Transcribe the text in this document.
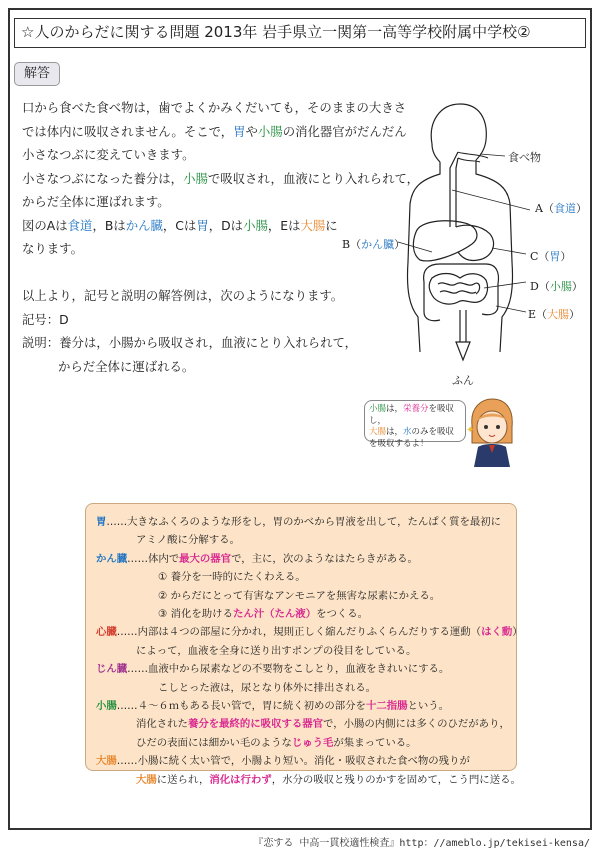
☆人のからだに関する問題 2013年 岩手県立一関第一高等学校附属中学校②
解答

口から食べた食べ物は，歯でよくかみくだいても，そのままの大きさ

では体内に吸収されません。そこで，胃や小腸の消化器官がだんだん

小さなつぶに変えていきます。

小さなつぶになった養分は，小腸で吸収され，血液にとり入れられて，

からだ全体に運ばれます。

図のAは食道，Bはかん臓，Cは胃，Dは小腸，Eは大腸に

なります。

以上より，記号と説明の解答例は，次のようになります。

記号：D

説明：養分は，小腸から吸収され，血液にとり入れられて，

からだ全体に運ばれる。

食べ物
A（食道）
B（かん臓）
C（胃）
D（小腸）
E（大腸）
ふん
小腸は，栄養分を吸収し，
大腸は，水のみを吸収
を吸収するよ！
✦

胃……大きなふくろのような形をし，胃のかべから胃液を出して，たんぱく質を最初に

アミノ酸に分解する。

かん臓……体内で最大の器官で，主に，次のようなはたらきがある。

① 養分を一時的にたくわえる。

② からだにとって有害なアンモニアを無害な尿素にかえる。

③ 消化を助けるたん汁（たん液）をつくる。

心臓……内部は４つの部屋に分かれ，規則正しく縮んだりふくらんだりする運動（はく動）

によって，血液を全身に送り出すポンプの役目をしている。

じん臓……血液中から尿素などの不要物をこしとり，血液をきれいにする。

こしとった液は，尿となり体外に排出される。

小腸……４～６ｍもある長い管で，胃に続く初めの部分を十二指腸という。

消化された養分を最終的に吸収する器官で，小腸の内側には多くのひだがあり，

ひだの表面には細かい毛のようなじゅう毛が集まっている。

大腸……小腸に続く太い管で，小腸より短い。消化・吸収された食べ物の残りが

大腸に送られ，消化は行わず，水分の吸収と残りのかすを固めて，こう門に送る。

『恋する 中高一貫校適性検査』http：//ameblo.jp/tekisei-kensa/
